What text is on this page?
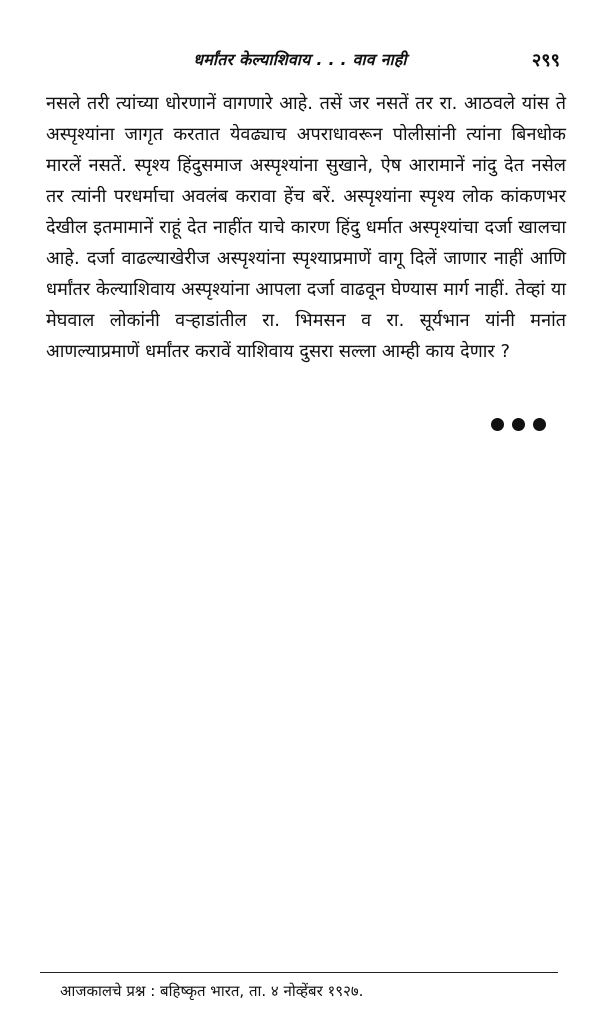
धर्मांतर केल्याशिवाय . . . वाव नाही	२९९

नसले तरी त्यांच्या धोरणानें वागणारे आहे. तसें जर नसतें तर रा. आठवले यांस ते अस्पृश्यांना जागृत करतात येवढ्याच अपराधावरून पोलीसांनी त्यांना बिनधोक मारलें नसतें. स्पृश्य हिंदुसमाज अस्पृश्यांना सुखाने, ऐष आरामानें नांदु देत नसेल तर त्यांनी परधर्माचा अवलंब करावा हेंच बरें. अस्पृश्यांना स्पृश्य लोक कांकणभर देखील इतमामानें राहूं देत नाहींत याचे कारण हिंदु धर्मात अस्पृश्यांचा दर्जा खालचा आहे. दर्जा वाढल्याखेरीज अस्पृश्यांना स्पृश्याप्रमाणें वागू दिलें जाणार नाहीं आणि धर्मांतर केल्याशिवाय अस्पृश्यांना आपला दर्जा वाढवून घेण्यास मार्ग नाहीं. तेव्हां या मेघवाल लोकांनी वऱ्हाडांतील रा. भिमसन व रा. सूर्यभान यांनी मनांत आणल्याप्रमाणें धर्मांतर करावें याशिवाय दुसरा सल्ला आम्ही काय देणार ?

आजकालचे प्रश्न : बहिष्कृत भारत, ता. ४ नोव्हेंबर १९२७.
